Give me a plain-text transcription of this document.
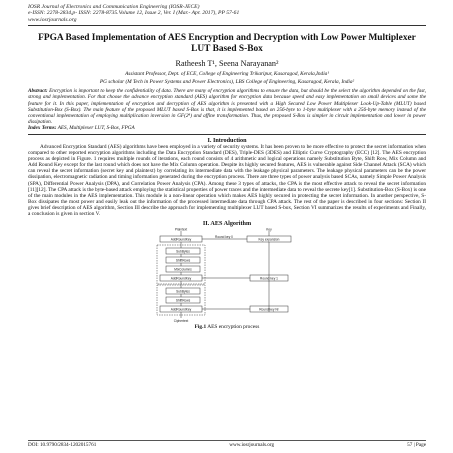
IOSR Journal of Electronics and Communication Engineering (IOSR-JECE)
e-ISSN: 2278-2834,p- ISSN: 2278-8735.Volume 12, Issue 2, Ver. I (Mar.- Apr. 2017), PP 57-61
www.iosrjournals.org
FPGA Based Implementation of AES Encryption and Decryption with Low Power Multiplexer LUT Based S-Box
Ratheesh T¹, Seena Narayanan²
Assistant Professor, Dept. of ECE, College of Engineering Trikaripur, Kasaragod, Kerala,India¹
PG scholar (M Tech in Power Systems and Power Electronics), LBS College of Engineering, Kasaragod, Kerala, India²
Abstract: Encryption is important to keep the confidentiality of data. There are many of encryption algorithms to ensure the data, but should be the select the algorithm depended on the fast, strong and implementation. For that choose the advance encryption standard (AES) algorithm for encryption data because speed and easy implementation on small devices and some the feature for it. In this paper, implementation of encryption and decryption of AES algorithm is presented with a High Secured Low Power Multiplexer Look-Up-Table (MLUT) based Substitution-Box (S-Box). The main feature of the proposed MLUT based S-Box is that, it is implemented based on 256-byte to 1-byte multiplexer with a 256-byte memory instead of the conventional implementation of employing multiplication inversion in GF(2⁸) and affine transformation. Thus, the proposed S-Box is simpler in circuit implementation and lower in power dissipation.
Index Terms: AES, Multiplexer LUT, S-Box, FPGA
I. Introduction
Advanced Encryption Standard (AES) algorithms have been employed in a variety of security systems. It has been proven to be more effective to protect the secret information when compared to other reported encryption algorithms including the Data Encryption Standard (DES), Triple-DES (3DES) and Elliptic Curve Cryptography (ECC) [12]. The AES encryption process as depicted in Figure. 1 requires multiple rounds of iterations, each round consists of 4 arithmetic and logical operations namely Substitution Byte, Shift Row, Mix Column and Add Round Key except for the last round which does not have the Mix Column operation. Despite its highly secured features, AES is vulnerable against Side Channel Attack (SCA) which can reveal the secret information (secret key and plaintext) by correlating its intermediate data with the leakage physical parameters. The leakage physical parameters can be the power dissipation, electromagnetic radiation and timing information generated during the encryption process. There are three types of power analysis based SCAs, namely Simple Power Analysis (SPA), Differential Power Analysis (DPA), and Correlation Power Analysis (CPA). Among these 3 types of attacks, the CPA is the most effective attack to reveal the secret information [11][12]. The CPA attack is the byte-based attack employing the statistical properties of power traces and the intermediate data to reveal the secrete key[1]. Substitution-Box (S-Box) is one of the main modules in the AES implementation. This module is a non-linear operation which makes AES highly secured in protecting the secret information. In another perspective, S-Box dissipates the most power and easily leak out the information of the processed intermediate data through CPA attack. The rest of the paper is described in four sections: Section II gives brief description of AES algorithm, Section III describe the approach for implementing multiplexer LUT based S-box, Section VI summarizes the results of experiments and Finally, a conclusion is given in section V.
II. AES Algorithm
Plaintext
AddRoundKey
SubBytes
ShiftRows
MixColumns
AddRoundKey
SubBytes
ShiftRows
AddRoundKey
Ciphertext
Key
Key expansion
Round key 0
Round key 1
Round key Nr
Fig.1 AES encryption process
DOI: 10.9790/2834-1202015761	www.iosrjournals.org	57 | Page
